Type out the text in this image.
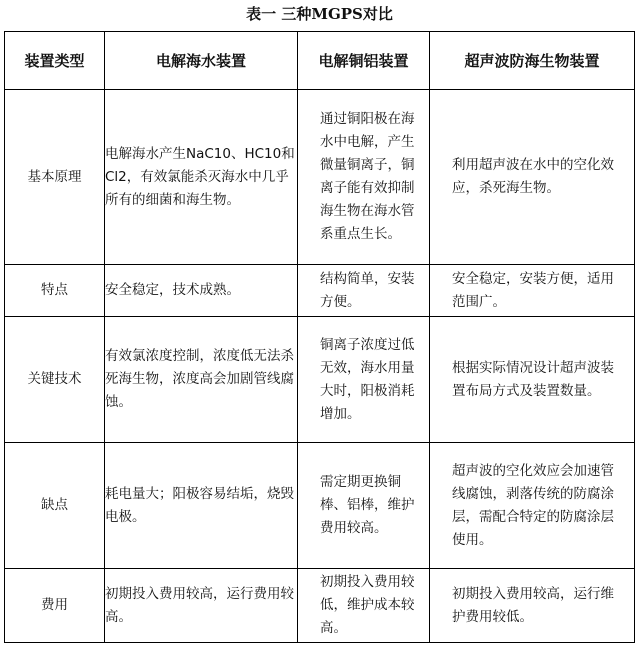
表一 三种MGPS对比
装置类型	电解海水装置	电解铜铝装置	超声波防海生物装置
基本原理	电解海水产生NaC10、HC10和Cl2，有效氯能杀灭海水中几乎所有的细菌和海生物。	通过铜阳极在海水中电解，产生微量铜离子，铜离子能有效抑制海生物在海水管系重点生长。	利用超声波在水中的空化效应，杀死海生物。
特点	安全稳定，技术成熟。	结构简单，安装方便。	安全稳定，安装方便，适用范围广。
关键技术	有效氯浓度控制，浓度低无法杀死海生物，浓度高会加剧管线腐蚀。	铜离子浓度过低无效，海水用量大时，阳极消耗增加。	根据实际情况设计超声波装置布局方式及装置数量。
缺点	耗电量大；阳极容易结垢，烧毁电极。	需定期更换铜棒、铝棒，维护费用较高。	超声波的空化效应会加速管线腐蚀，剥落传统的防腐涂层，需配合特定的防腐涂层使用。
费用	初期投入费用较高，运行费用较高。	初期投入费用较低，维护成本较高。	初期投入费用较高，运行维护费用较低。
